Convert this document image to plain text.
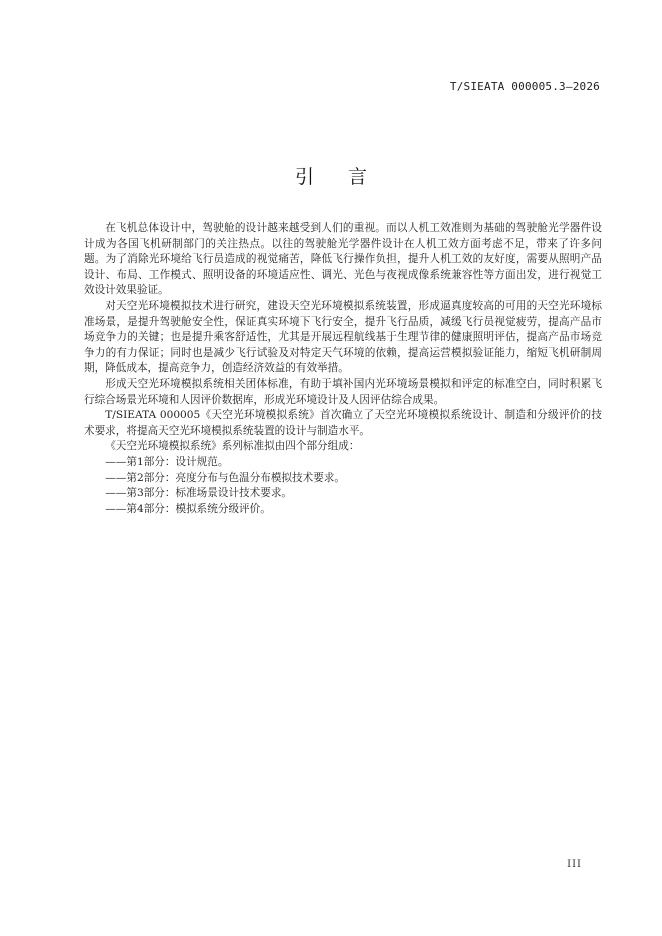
T/SIEATA 000005.3—2026
引言

在飞机总体设计中，驾驶舱的设计越来越受到人们的重视。而以人机工效准则为基础的驾驶舱光学器件设计成为各国飞机研制部门的关注热点。以往的驾驶舱光学器件设计在人机工效方面考虑不足，带来了许多问题。为了消除光环境给飞行员造成的视觉痛苦，降低飞行操作负担，提升人机工效的友好度，需要从照明产品设计、布局、工作模式、照明设备的环境适应性、调光、光色与夜视成像系统兼容性等方面出发，进行视觉工效设计效果验证。

对天空光环境模拟技术进行研究，建设天空光环境模拟系统装置，形成逼真度较高的可用的天空光环境标准场景，是提升驾驶舱安全性，保证真实环境下飞行安全，提升飞行品质，减缓飞行员视觉疲劳，提高产品市场竞争力的关键；也是提升乘客舒适性，尤其是开展远程航线基于生理节律的健康照明评估，提高产品市场竞争力的有力保证；同时也是减少飞行试验及对特定天气环境的依赖，提高运营模拟验证能力，缩短飞机研制周期，降低成本，提高竞争力，创造经济效益的有效举措。

形成天空光环境模拟系统相关团体标准，有助于填补国内光环境场景模拟和评定的标准空白，同时积累飞行综合场景光环境和人因评价数据库，形成光环境设计及人因评估综合成果。

T/SIEATA 000005《天空光环境模拟系统》首次确立了天空光环境模拟系统设计、制造和分级评价的技术要求，将提高天空光环境模拟系统装置的设计与制造水平。

《天空光环境模拟系统》系列标准拟由四个部分组成：

——第1部分：设计规范。
——第2部分：亮度分布与色温分布模拟技术要求。
——第3部分：标准场景设计技术要求。
——第4部分：模拟系统分级评价。
III
